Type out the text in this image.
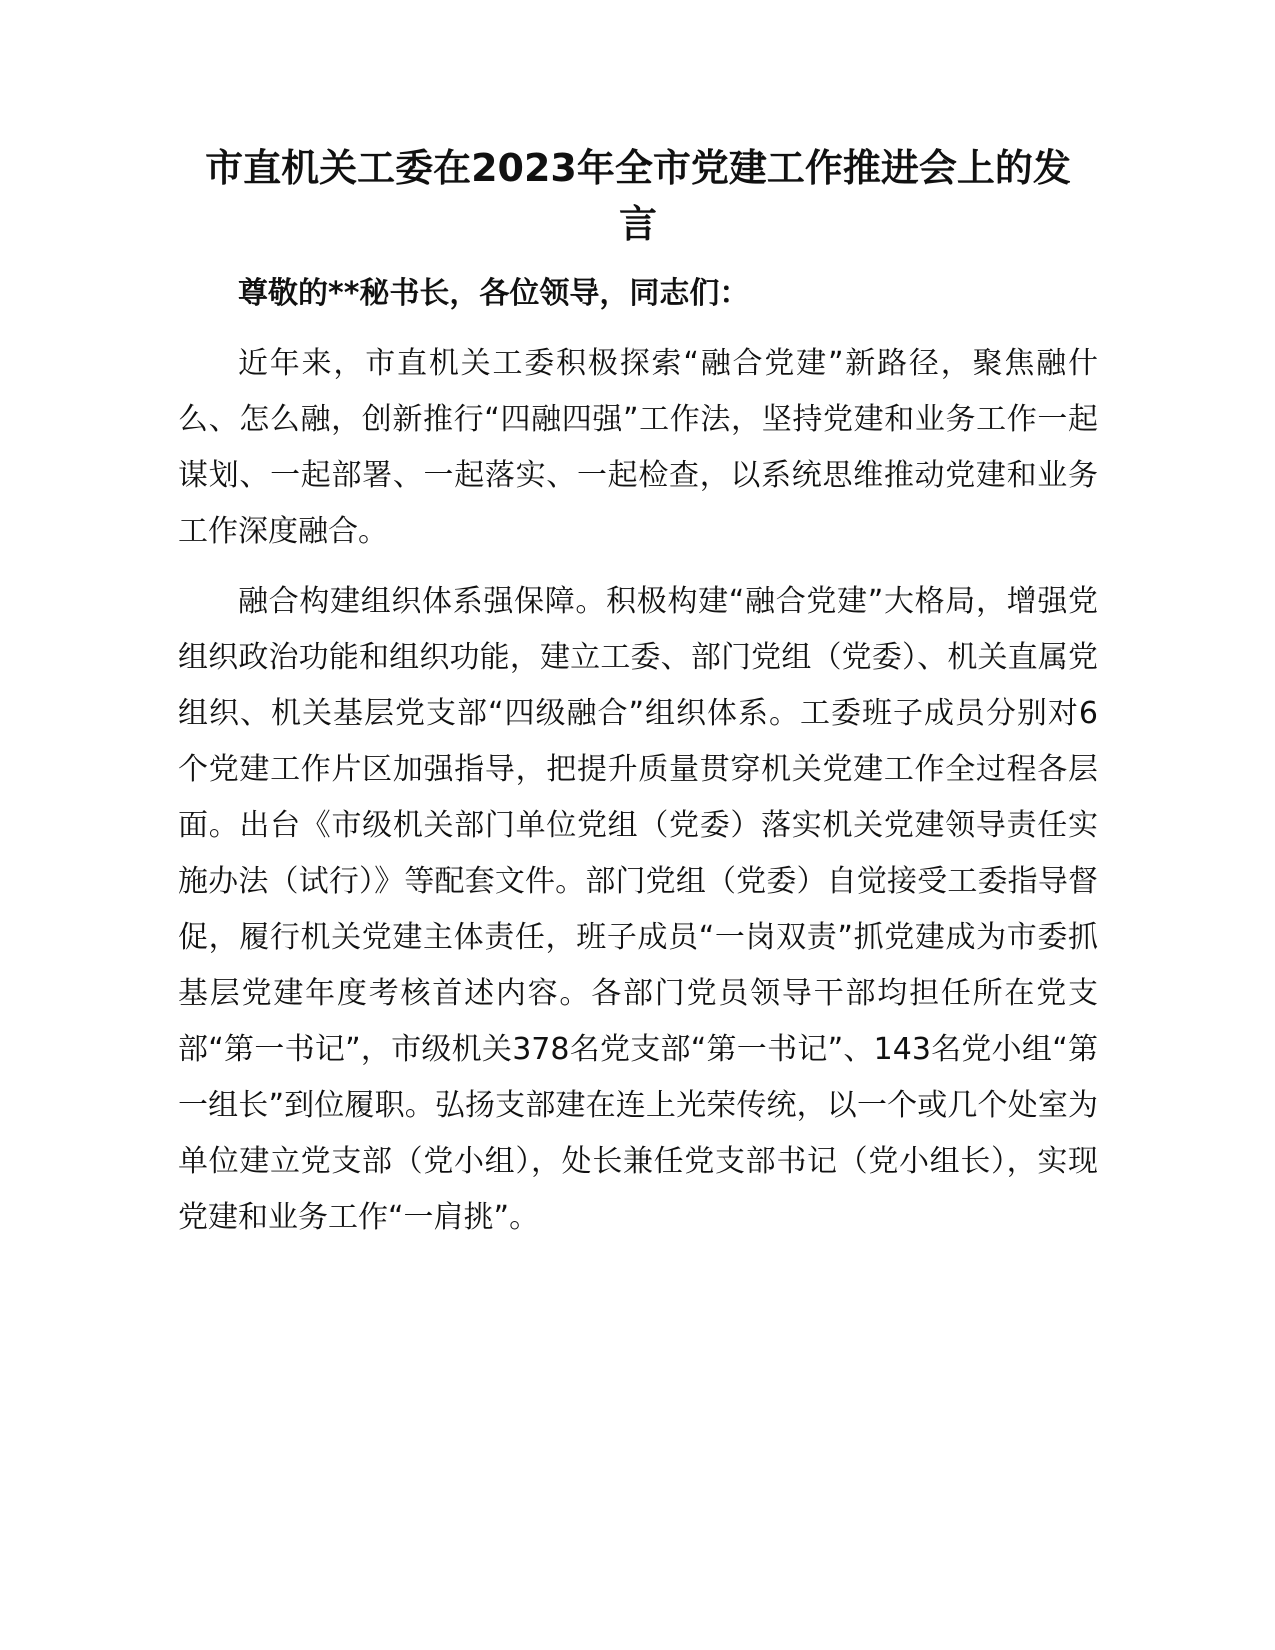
市直机关工委在2023年全市党建工作推进会上的发言

尊敬的**秘书长，各位领导，同志们：

近年来，市直机关工委积极探索“融合党建”新路径，聚焦融什么、怎么融，创新推行“四融四强”工作法，坚持党建和业务工作一起谋划、一起部署、一起落实、一起检查，以系统思维推动党建和业务工作深度融合。

融合构建组织体系强保障。积极构建“融合党建”大格局，增强党组织政治功能和组织功能，建立工委、部门党组（党委）、机关直属党组织、机关基层党支部“四级融合”组织体系。工委班子成员分别对6个党建工作片区加强指导，把提升质量贯穿机关党建工作全过程各层面。出台《市级机关部门单位党组（党委）落实机关党建领导责任实施办法（试行）》等配套文件。部门党组（党委）自觉接受工委指导督促，履行机关党建主体责任，班子成员“一岗双责”抓党建成为市委抓基层党建年度考核首述内容。各部门党员领导干部均担任所在党支部“第一书记”，市级机关378名党支部“第一书记”、143名党小组“第一组长”到位履职。弘扬支部建在连上光荣传统，以一个或几个处室为单位建立党支部（党小组），处长兼任党支部书记（党小组长），实现党建和业务工作“一肩挑”。
